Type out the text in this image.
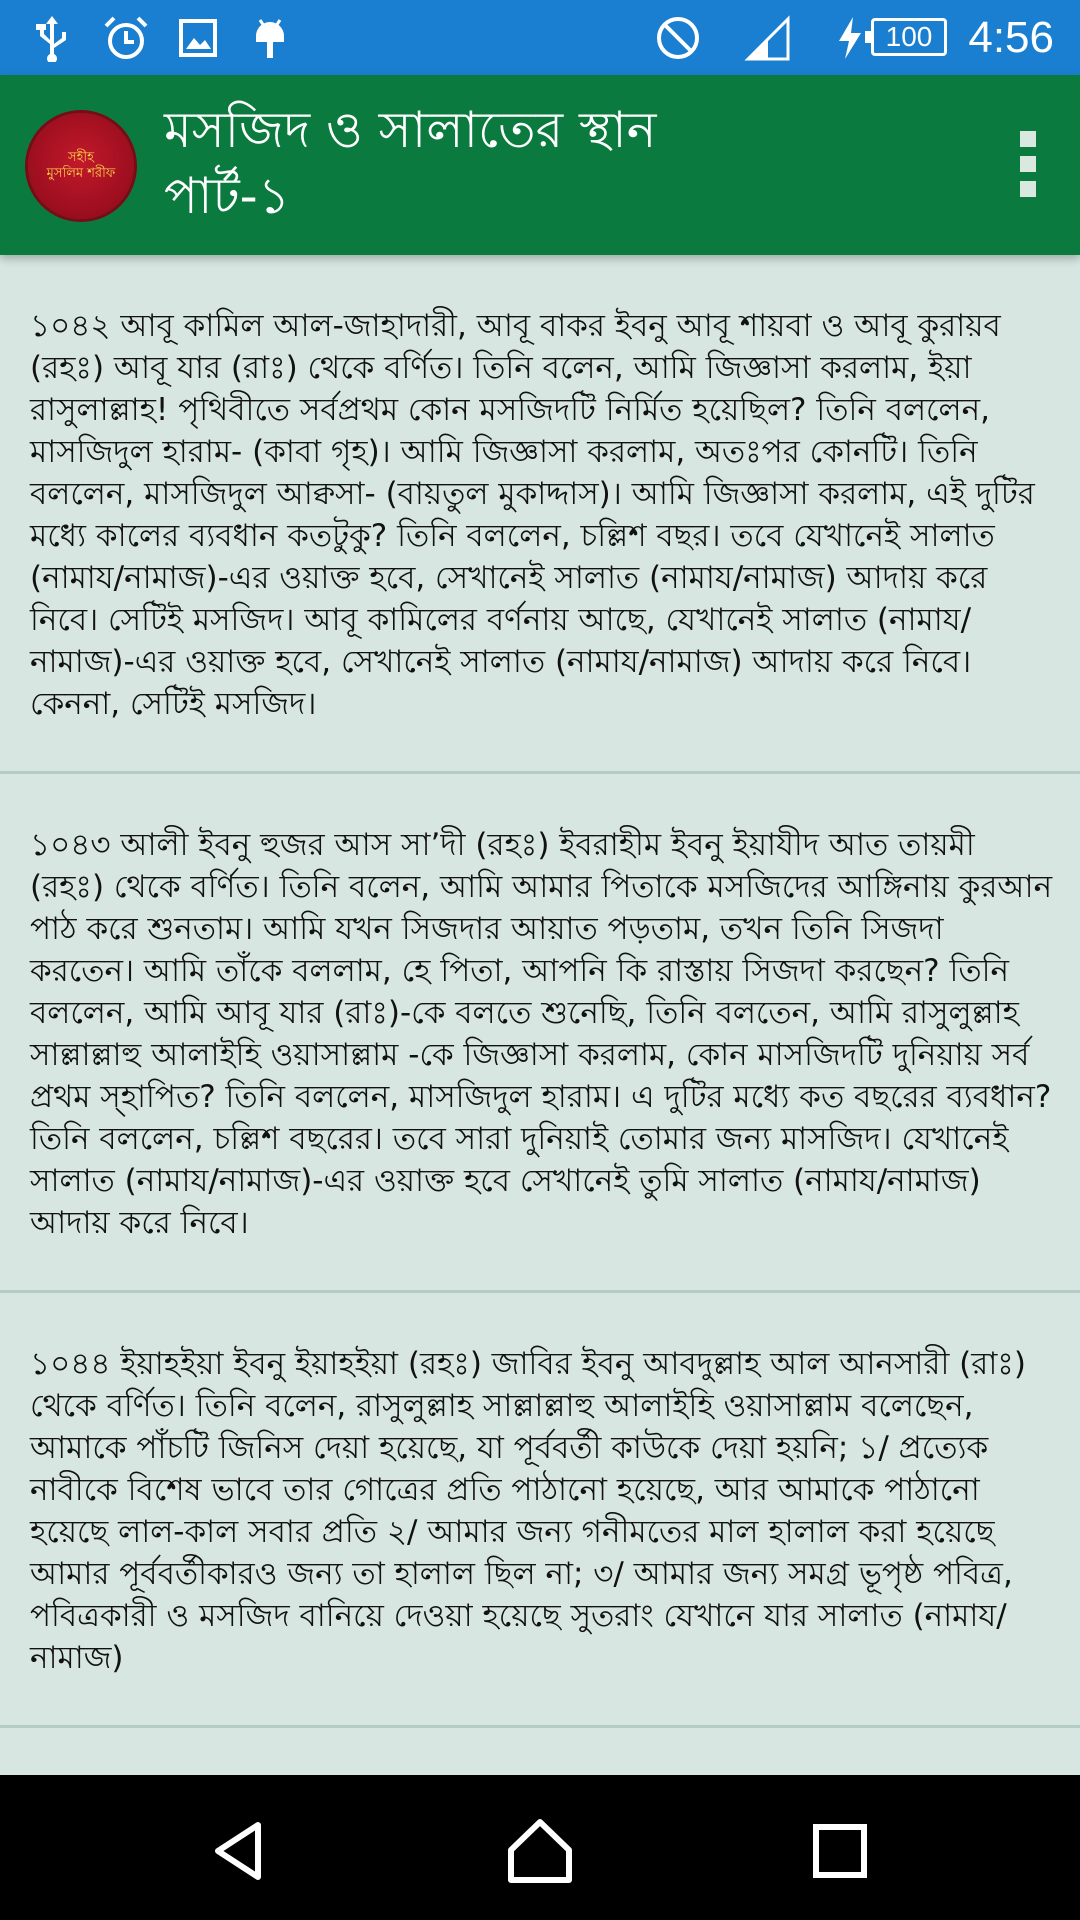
100 4:56
সহীহ
মুসলিম শরীফ
মসজিদ ও সালাতের স্থান
পার্ট-১
১০৪২ আবূ কামিল আল-জাহাদারী, আবূ বাকর ইবনু আবূ শায়বা ও আবূ কুরায়ব (রহঃ) আবূ যার (রাঃ) থেকে বর্ণিত। তিনি বলেন, আমি জিজ্ঞাসা করলাম, ইয়া রাসুলাল্লাহ! পৃথিবীতে সর্বপ্রথম কোন মসজিদটি নির্মিত হয়েছিল? তিনি বললেন, মাসজিদুল হারাম- (কাবা গৃহ)। আমি জিজ্ঞাসা করলাম, অতঃপর কোনটি। তিনি বললেন, মাসজিদুল আক্বসা- (বায়তুল মুকাদ্দাস)। আমি জিজ্ঞাসা করলাম, এই দুটির মধ্যে কালের ব্যবধান কতটুকু? তিনি বললেন, চল্লিশ বছর। তবে যেখানেই সালাত (নামায/নামাজ)-এর ওয়াক্ত হবে, সেখানেই সালাত (নামায/নামাজ) আদায় করে নিবে। সেটিই মসজিদ। আবূ কামিলের বর্ণনায় আছে, যেখানেই সালাত (নামায/নামাজ)-এর ওয়াক্ত হবে, সেখানেই সালাত (নামায/নামাজ) আদায় করে নিবে। কেননা, সেটিই মসজিদ।
১০৪৩ আলী ইবনু হুজর আস সা’দী (রহঃ) ইবরাহীম ইবনু ইয়াযীদ আত তায়মী (রহঃ) থেকে বর্ণিত। তিনি বলেন, আমি আমার পিতাকে মসজিদের আঙ্গিনায় কুরআন পাঠ করে শুনতাম। আমি যখন সিজদার আয়াত পড়তাম, তখন তিনি সিজদা করতেন। আমি তাঁকে বললাম, হে পিতা, আপনি কি রাস্তায় সিজদা করছেন? তিনি বললেন, আমি আবূ যার (রাঃ)-কে বলতে শুনেছি, তিনি বলতেন, আমি রাসুলুল্লাহ সাল্লাল্লাহু আলাইহি ওয়াসাল্লাম -কে জিজ্ঞাসা করলাম, কোন মাসজিদটি দুনিয়ায় সর্ব প্রথম স্হাপিত? তিনি বললেন, মাসজিদুল হারাম। এ দুটির মধ্যে কত বছরের ব্যবধান? তিনি বললেন, চল্লিশ বছরের। তবে সারা দুনিয়াই তোমার জন্য মাসজিদ। যেখানেই সালাত (নামায/নামাজ)-এর ওয়াক্ত হবে সেখানেই তুমি সালাত (নামায/নামাজ) আদায় করে নিবে।
১০৪৪ ইয়াহইয়া ইবনু ইয়াহইয়া (রহঃ) জাবির ইবনু আবদুল্লাহ আল আনসারী (রাঃ) থেকে বর্ণিত। তিনি বলেন, রাসুলুল্লাহ সাল্লাল্লাহু আলাইহি ওয়াসাল্লাম বলেছেন, আমাকে পাঁচটি জিনিস দেয়া হয়েছে, যা পূর্ববর্তী কাউকে দেয়া হয়নি; ১/ প্রত্যেক নাবীকে বিশেষ ভাবে তার গোত্রের প্রতি পাঠানো হয়েছে, আর আমাকে পাঠানো হয়েছে লাল-কাল সবার প্রতি ২/ আমার জন্য গনীমতের মাল হালাল করা হয়েছে আমার পূর্ববর্তীকারও জন্য তা হালাল ছিল না; ৩/ আমার জন্য সমগ্র ভূপৃষ্ঠ পবিত্র, পবিত্রকারী ও মসজিদ বানিয়ে দেওয়া হয়েছে সুতরাং যেখানে যার সালাত (নামায/নামাজ)
